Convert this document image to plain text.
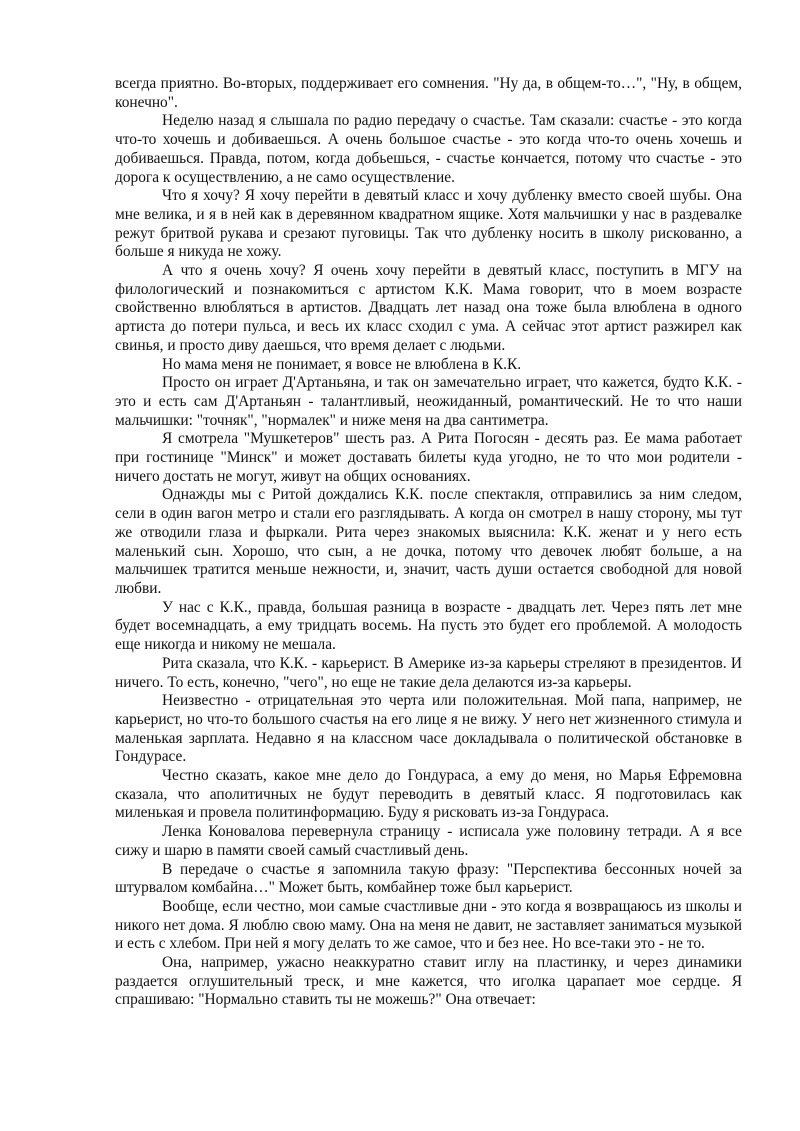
всегда приятно. Во-вторых, поддерживает его сомнения. "Ну да, в общем-то…", "Ну, в общем, конечно".

Неделю назад я слышала по радио передачу о счастье. Там сказали: счастье - это когда что-то хочешь и добиваешься. А очень большое счастье - это когда что-то очень хочешь и добиваешься. Правда, потом, когда добьешься, - счастье кончается, потому что счастье - это дорога к осуществлению, а не само осуществление.

Что я хочу? Я хочу перейти в девятый класс и хочу дубленку вместо своей шубы. Она мне велика, и я в ней как в деревянном квадратном ящике. Хотя мальчишки у нас в раздевалке режут бритвой рукава и срезают пуговицы. Так что дубленку носить в школу рискованно, а больше я никуда не хожу.

А что я очень хочу? Я очень хочу перейти в девятый класс, поступить в МГУ на филологический и познакомиться с артистом К.К. Мама говорит, что в моем возрасте свойственно влюбляться в артистов. Двадцать лет назад она тоже была влюблена в одного артиста до потери пульса, и весь их класс сходил с ума. А сейчас этот артист разжирел как свинья, и просто диву даешься, что время делает с людьми.

Но мама меня не понимает, я вовсе не влюблена в К.К.

Просто он играет Д'Артаньяна, и так он замечательно играет, что кажется, будто К.К. - это и есть сам Д'Артаньян - талантливый, неожиданный, романтический. Не то что наши мальчишки: "точняк", "нормалек" и ниже меня на два сантиметра.

Я смотрела "Мушкетеров" шесть раз. А Рита Погосян - десять раз. Ее мама работает при гостинице "Минск" и может доставать билеты куда угодно, не то что мои родители - ничего достать не могут, живут на общих основаниях.

Однажды мы с Ритой дождались К.К. после спектакля, отправились за ним следом, сели в один вагон метро и стали его разглядывать. А когда он смотрел в нашу сторону, мы тут же отводили глаза и фыркали. Рита через знакомых выяснила: К.К. женат и у него есть маленький сын. Хорошо, что сын, а не дочка, потому что девочек любят больше, а на мальчишек тратится меньше нежности, и, значит, часть души остается свободной для новой любви.

У нас с К.К., правда, большая разница в возрасте - двадцать лет. Через пять лет мне будет восемнадцать, а ему тридцать восемь. На пусть это будет его проблемой. А молодость еще никогда и никому не мешала.

Рита сказала, что К.К. - карьерист. В Америке из-за карьеры стреляют в президентов. И ничего. То есть, конечно, "чего", но еще не такие дела делаются из-за карьеры.

Неизвестно - отрицательная это черта или положительная. Мой папа, например, не карьерист, но что-то большого счастья на его лице я не вижу. У него нет жизненного стимула и маленькая зарплата. Недавно я на классном часе докладывала о политической обстановке в Гондурасе.

Честно сказать, какое мне дело до Гондураса, а ему до меня, но Марья Ефремовна сказала, что аполитичных не будут переводить в девятый класс. Я подготовилась как миленькая и провела политинформацию. Буду я рисковать из-за Гондураса.

Ленка Коновалова перевернула страницу - исписала уже половину тетради. А я все сижу и шарю в памяти своей самый счастливый день.

В передаче о счастье я запомнила такую фразу: "Перспектива бессонных ночей за штурвалом комбайна…" Может быть, комбайнер тоже был карьерист.

Вообще, если честно, мои самые счастливые дни - это когда я возвращаюсь из школы и никого нет дома. Я люблю свою маму. Она на меня не давит, не заставляет заниматься музыкой и есть с хлебом. При ней я могу делать то же самое, что и без нее. Но все-таки это - не то.

Она, например, ужасно неаккуратно ставит иглу на пластинку, и через динамики раздается оглушительный треск, и мне кажется, что иголка царапает мое сердце. Я спрашиваю: "Нормально ставить ты не можешь?" Она отвечает:
